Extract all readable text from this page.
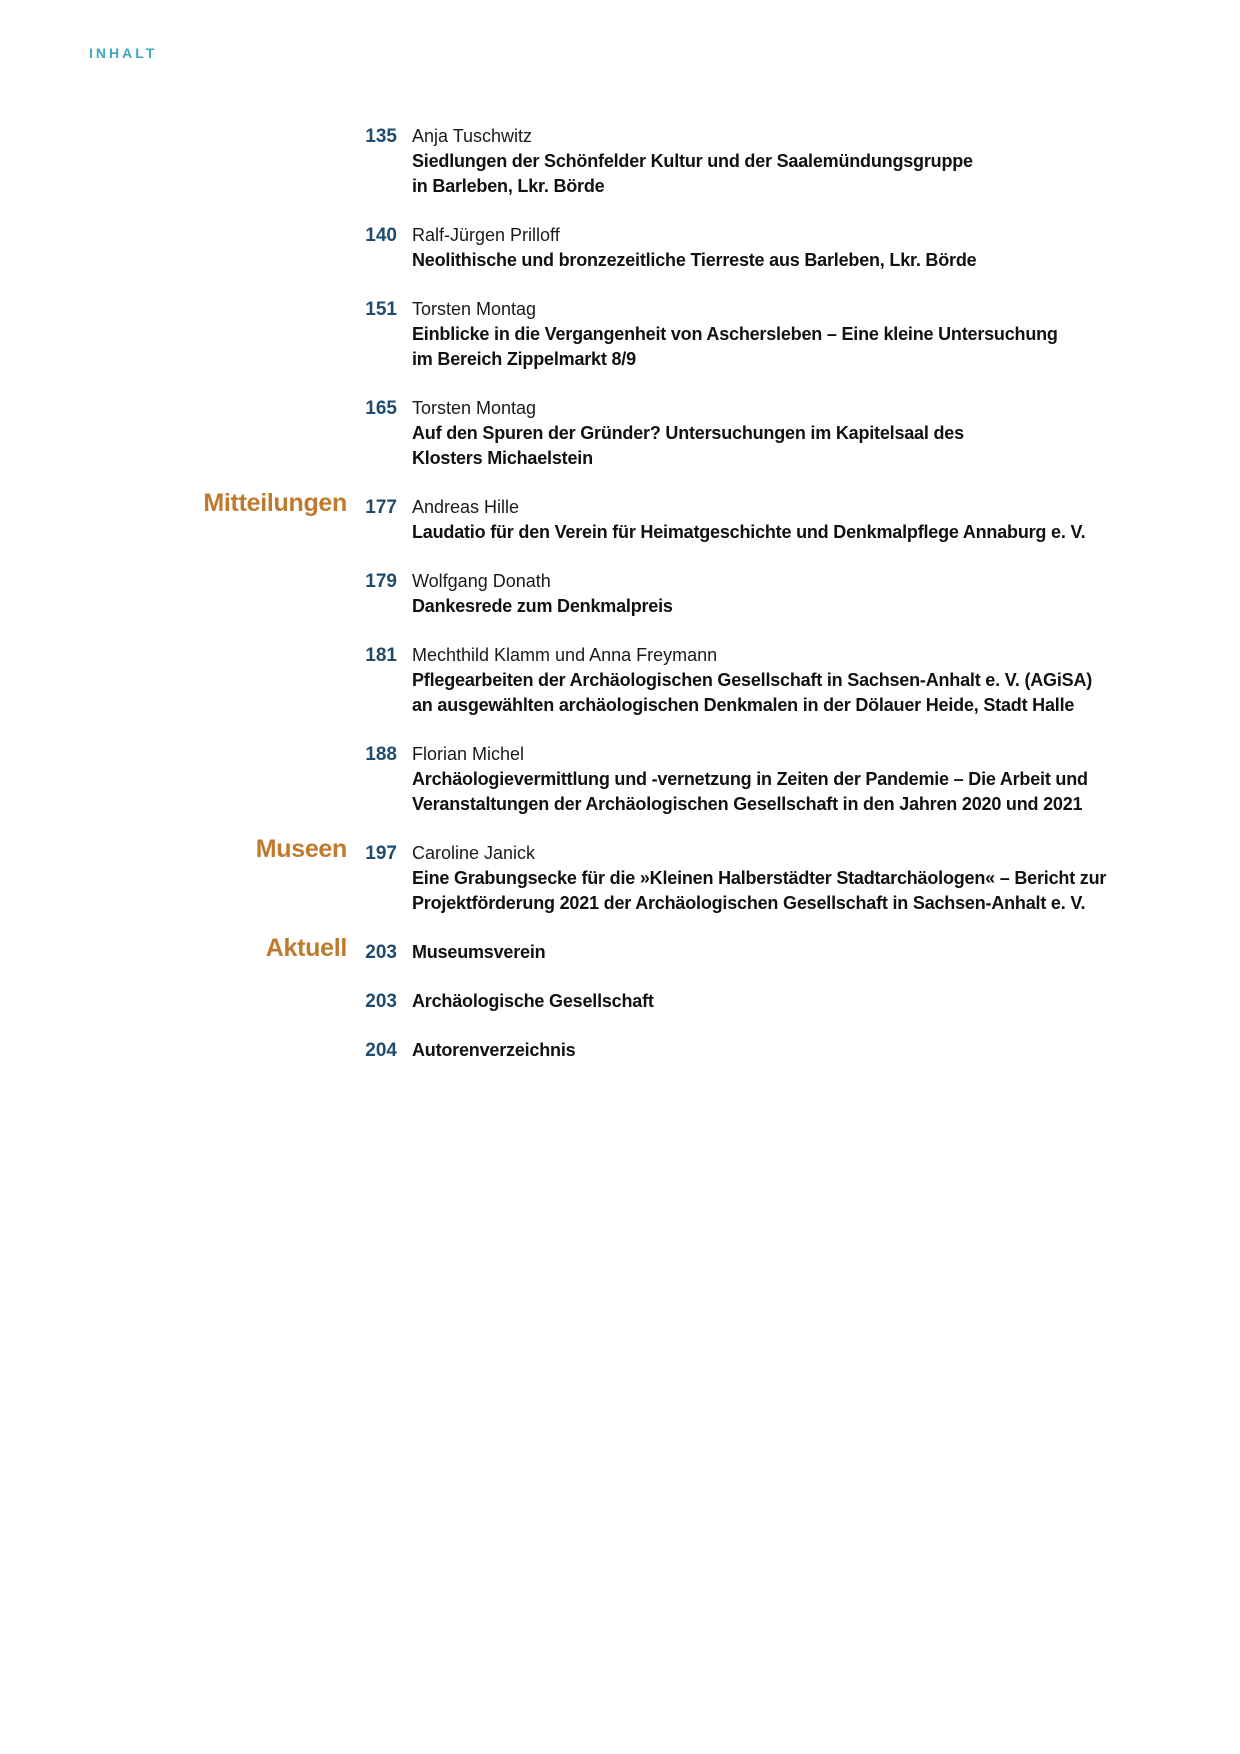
INHALT
135 Anja Tuschwitz
Siedlungen der Schönfelder Kultur und der Saalemündungsgruppe
in Barleben, Lkr. Börde
140 Ralf-Jürgen Prilloff
Neolithische und bronzezeitliche Tierreste aus Barleben, Lkr. Börde
151 Torsten Montag
Einblicke in die Vergangenheit von Aschersleben – Eine kleine Untersuchung
im Bereich Zippelmarkt 8/9
165 Torsten Montag
Auf den Spuren der Gründer? Untersuchungen im Kapitelsaal des
Klosters Michaelstein
Mitteilungen 177 Andreas Hille
Laudatio für den Verein für Heimatgeschichte und Denkmalpflege Annaburg e. V.
179 Wolfgang Donath
Dankesrede zum Denkmalpreis
181 Mechthild Klamm und Anna Freymann
Pflegearbeiten der Archäologischen Gesellschaft in Sachsen-Anhalt e. V. (AGiSA)
an ausgewählten archäologischen Denkmalen in der Dölauer Heide, Stadt Halle
188 Florian Michel
Archäologievermittlung und -vernetzung in Zeiten der Pandemie – Die Arbeit und
Veranstaltungen der Archäologischen Gesellschaft in den Jahren 2020 und 2021
Museen 197 Caroline Janick
Eine Grabungsecke für die »Kleinen Halberstädter Stadtarchäologen« – Bericht zur
Projektförderung 2021 der Archäologischen Gesellschaft in Sachsen-Anhalt e. V.
Aktuell 203 Museumsverein
203 Archäologische Gesellschaft
204 Autorenverzeichnis
